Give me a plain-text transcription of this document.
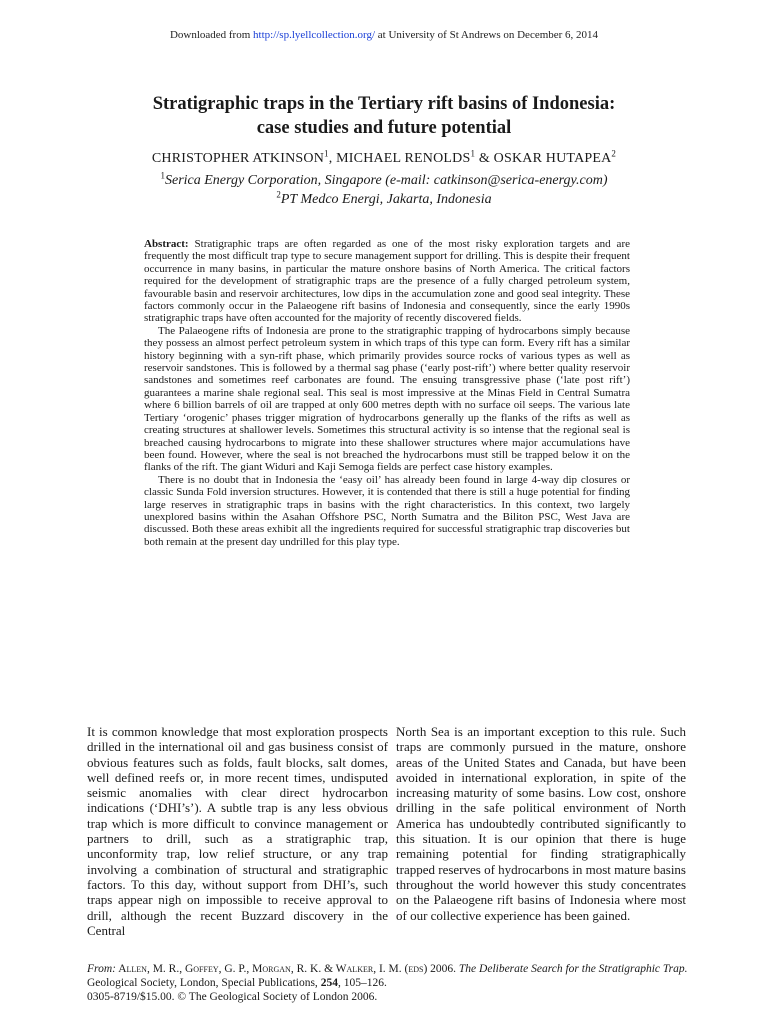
Downloaded from http://sp.lyellcollection.org/ at University of St Andrews on December 6, 2014
Stratigraphic traps in the Tertiary rift basins of Indonesia:
case studies and future potential
CHRISTOPHER ATKINSON$^1$, MICHAEL RENOLDS$^1$ & OSKAR HUTAPEA$^2$
$^1$Serica Energy Corporation, Singapore (e-mail: catkinson@serica-energy.com)
$^2$PT Medco Energi, Jakarta, Indonesia

Abstract: Stratigraphic traps are often regarded as one of the most risky exploration targets and are frequently the most difficult trap type to secure management support for drilling. This is despite their frequent occurrence in many basins, in particular the mature onshore basins of North America. The critical factors required for the development of stratigraphic traps are the presence of a fully charged petroleum system, favourable basin and reservoir architectures, low dips in the accumulation zone and good seal integrity. These factors commonly occur in the Palaeogene rift basins of Indonesia and consequently, since the early 1990s stratigraphic traps have often accounted for the majority of recently discovered fields.

The Palaeogene rifts of Indonesia are prone to the stratigraphic trapping of hydrocarbons simply because they possess an almost perfect petroleum system in which traps of this type can form. Every rift has a similar history beginning with a syn-rift phase, which primarily provides source rocks of various types as well as reservoir sandstones. This is followed by a thermal sag phase (‘early post-rift’) where better quality reservoir sandstones and sometimes reef carbonates are found. The ensuing transgressive phase (‘late post rift’) guarantees a marine shale regional seal. This seal is most impressive at the Minas Field in Central Sumatra where 6 billion barrels of oil are trapped at only 600 metres depth with no surface oil seeps. The various late Tertiary ‘orogenic’ phases trigger migration of hydrocarbons generally up the flanks of the rifts as well as creating structures at shallower levels. Sometimes this structural activity is so intense that the regional seal is breached causing hydrocarbons to migrate into these shallower structures where major accumulations have been found. However, where the seal is not breached the hydrocarbons must still be trapped below it on the flanks of the rift. The giant Widuri and Kaji Semoga fields are perfect case history examples.

There is no doubt that in Indonesia the ‘easy oil’ has already been found in large 4-way dip closures or classic Sunda Fold inversion structures. However, it is contended that there is still a huge potential for finding large reserves in stratigraphic traps in basins with the right characteristics. In this context, two largely unexplored basins within the Asahan Offshore PSC, North Sumatra and the Biliton PSC, West Java are discussed. Both these areas exhibit all the ingredients required for successful stratigraphic trap discoveries but both remain at the present day undrilled for this play type.

It is common knowledge that most exploration prospects drilled in the international oil and gas business consist of obvious features such as folds, fault blocks, salt domes, well defined reefs or, in more recent times, undisputed seismic anomalies with clear direct hydrocarbon indications (‘DHI’s’). A subtle trap is any less obvious trap which is more difficult to convince management or partners to drill, such as a stratigraphic trap, unconformity trap, low relief structure, or any trap involving a combination of structural and stratigraphic factors. To this day, without support from DHI’s, such traps appear nigh on impossible to receive approval to drill, although the recent Buzzard discovery in the Central

North Sea is an important exception to this rule. Such traps are commonly pursued in the mature, onshore areas of the United States and Canada, but have been avoided in international exploration, in spite of the increasing maturity of some basins. Low cost, onshore drilling in the safe political environment of North America has undoubtedly contributed significantly to this situation. It is our opinion that there is huge remaining potential for finding stratigraphically trapped reserves of hydrocarbons in most mature basins throughout the world however this study concentrates on the Palaeogene rift basins of Indonesia where most of our collective experience has been gained.

From: Allen, M. R., Goffey, G. P., Morgan, R. K. & Walker, I. M. (eds) 2006. The Deliberate Search for the Stratigraphic Trap. Geological Society, London, Special Publications, 254, 105–126.
0305-8719/$15.00. © The Geological Society of London 2006.
